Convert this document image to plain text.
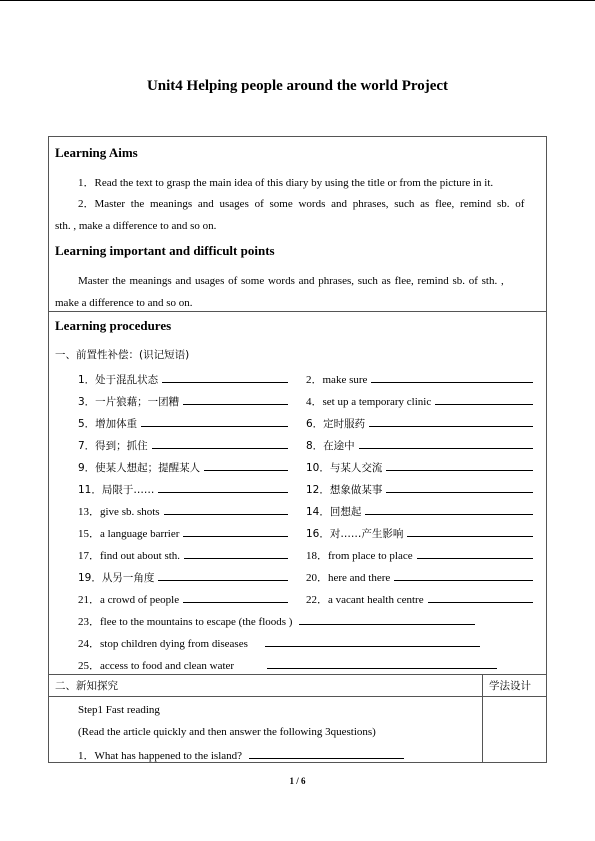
Unit4 Helping people around the world Project
Learning Aims
1．Read the text to grasp the main idea of this diary by using the title or from the picture in it.
2．Master the meanings and usages of some words and phrases, such as flee, remind sb. of
sth. , make a difference to and so on.
Learning important and difficult points
Master the meanings and usages of some words and phrases, such as flee, remind sb. of sth. ,
make a difference to and so on.
Learning procedures
一、前置性补偿：(识记短语)
1．处于混乱状态	2．make sure
3．一片狼藉；一团糟	4．set up a temporary clinic
5．增加体重	6．定时服药
7．得到；抓住	8．在途中
9．使某人想起；提醒某人	10．与某人交流
11．局限于……	12．想象做某事
13．give sb. shots	14．回想起
15．a language barrier	16．对……产生影响
17．find out about sth.	18．from place to place
19．从另一角度	20．here and there
21．a crowd of people	22．a vacant health centre
23．flee to the mountains to escape (the floods )
24．stop children dying from diseases
25．access to food and clean water
二、新知探究	学法设计
Step1 Fast reading
(Read the article quickly and then answer the following 3questions)
1．What has happened to the island?
1 / 6
